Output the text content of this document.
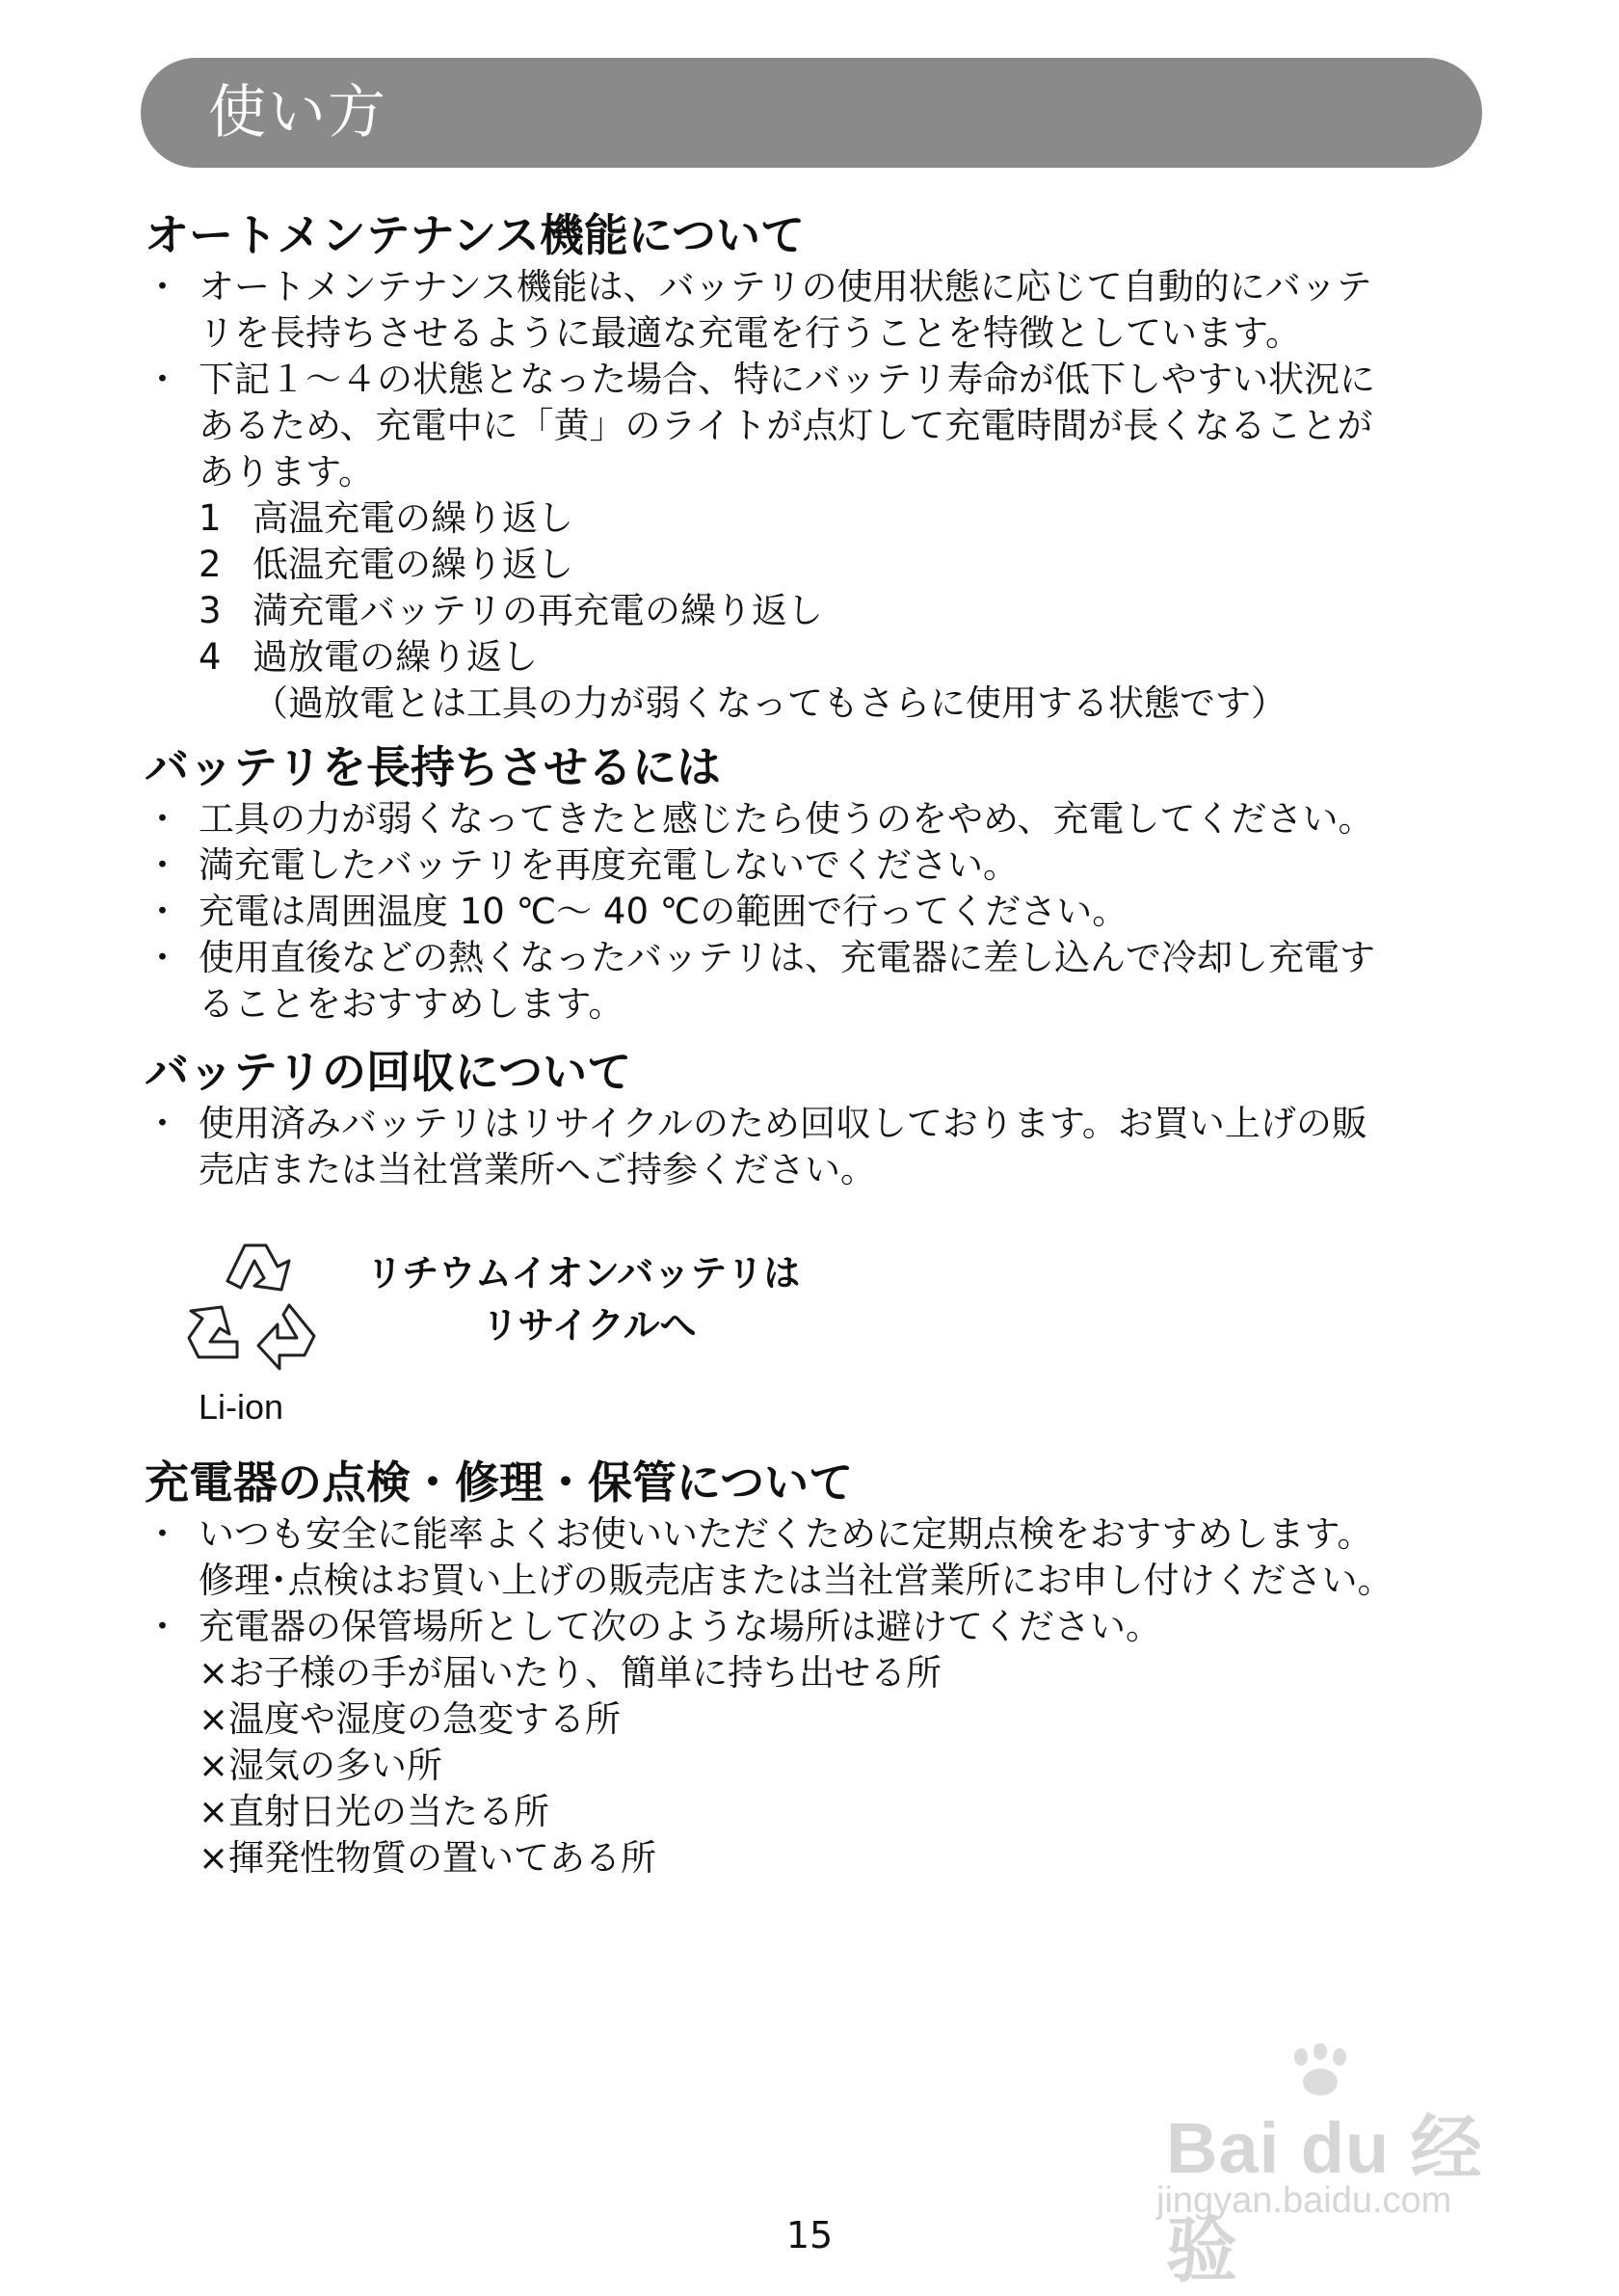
使い方
オートメンテナンス機能について
・ オートメンテナンス機能は、バッテリの使用状態に応じて自動的にバッテ
リを長持ちさせるように最適な充電を行うことを特徴としています。
・ 下記１～４の状態となった場合、特にバッテリ寿命が低下しやすい状況に
あるため、充電中に「黄」のライトが点灯して充電時間が長くなることが
あります。
1 高温充電の繰り返し
2 低温充電の繰り返し
3 満充電バッテリの再充電の繰り返し
4 過放電の繰り返し
（過放電とは工具の力が弱くなってもさらに使用する状態です）
バッテリを長持ちさせるには
・ 工具の力が弱くなってきたと感じたら使うのをやめ、充電してください。
・ 満充電したバッテリを再度充電しないでください。
・ 充電は周囲温度 10 ℃～ 40 ℃の範囲で行ってください。
・ 使用直後などの熱くなったバッテリは、充電器に差し込んで冷却し充電す
ることをおすすめします。
バッテリの回収について
・ 使用済みバッテリはリサイクルのため回収しております。お買い上げの販
売店または当社営業所へご持参ください。
Li-ion
リチウムイオンバッテリは
リサイクルへ
充電器の点検・修理・保管について
・ いつも安全に能率よくお使いいただくために定期点検をおすすめします。
修理･点検はお買い上げの販売店または当社営業所にお申し付けください。
・ 充電器の保管場所として次のような場所は避けてください。
×お子様の手が届いたり、簡単に持ち出せる所
×温度や湿度の急変する所
×湿気の多い所
×直射日光の当たる所
×揮発性物質の置いてある所
Bai du 经验
jingyan.baidu.com
15
